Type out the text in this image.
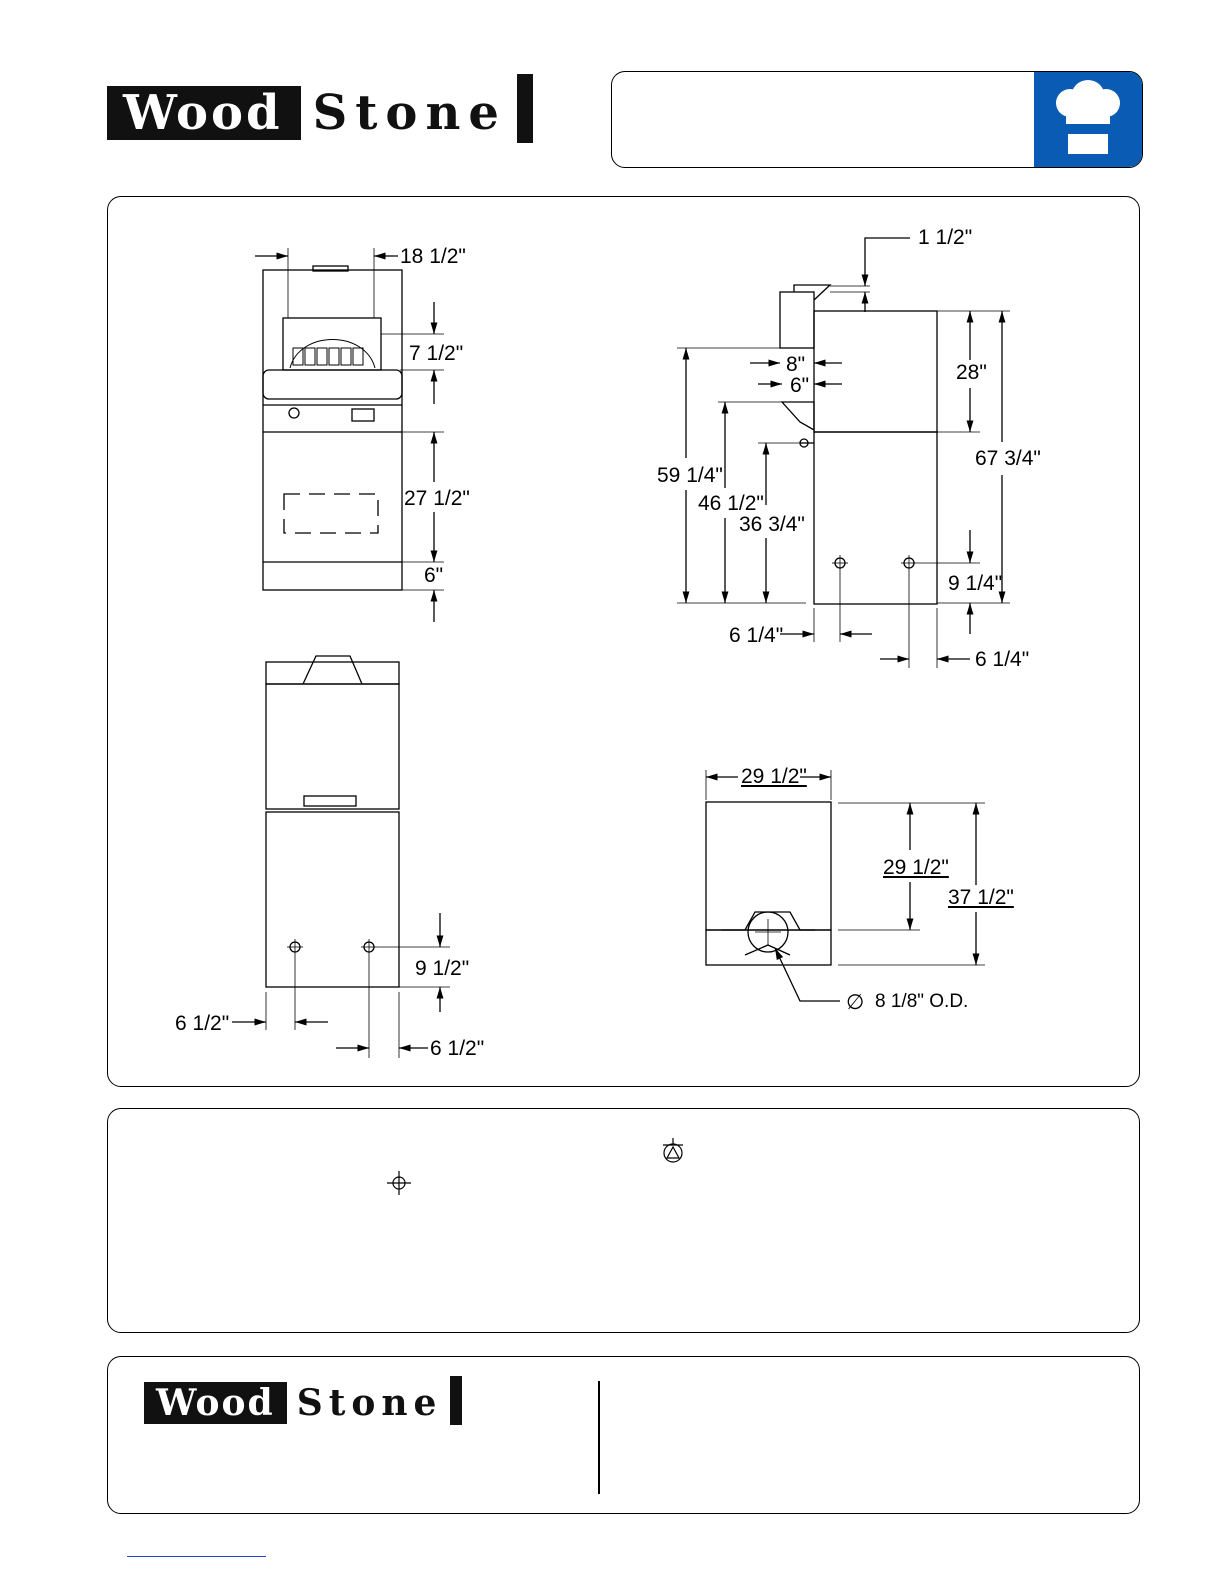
Wood Stone
18 1/2"
7 1/2"
27 1/2"
6"
1 1/2"
28"
8"
6"
67 3/4"
59 1/4"
46 1/2"
36 3/4"
9 1/4"
6 1/4"
6 1/4"
9 1/2"
6 1/2"
6 1/2"
29 1/2"
29 1/2"
37 1/2"
∅ 8 1/8" O.D.
Wood Stone
